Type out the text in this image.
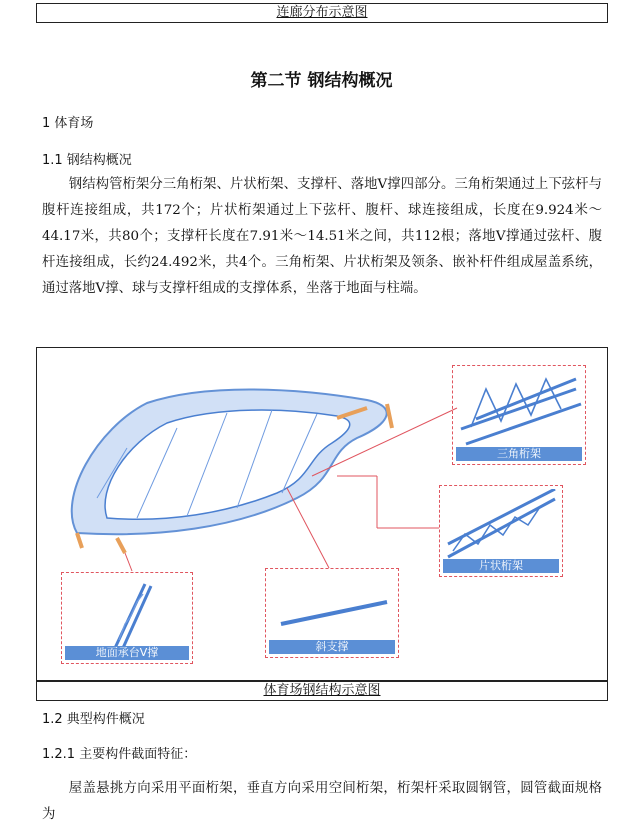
连廊分布示意图
第二节 钢结构概况
1 体育场
1.1 钢结构概况

钢结构管桁架分三角桁架、片状桁架、支撑杆、落地Ⅴ撑四部分。三角桁架通过上下弦杆与腹杆连接组成，共172个；片状桁架通过上下弦杆、腹杆、球连接组成，长度在9.924米～44.17米，共80个；支撑杆长度在7.91米～14.51米之间，共112根；落地Ⅴ撑通过弦杆、腹杆连接组成，长约24.492米，共4个。三角桁架、片状桁架及领条、嵌补杆件组成屋盖系统，通过落地Ⅴ撑、球与支撑杆组成的支撑体系，坐落于地面与柱端。

三角桁架
片状桁架
地面承台V撑	斜支撑
体育场钢结构示意图
1.2 典型构件概况
1.2.1 主要构件截面特征：

屋盖悬挑方向采用平面桁架，垂直方向采用空间桁架，桁架杆采取圆钢管，圆管截面规格为
